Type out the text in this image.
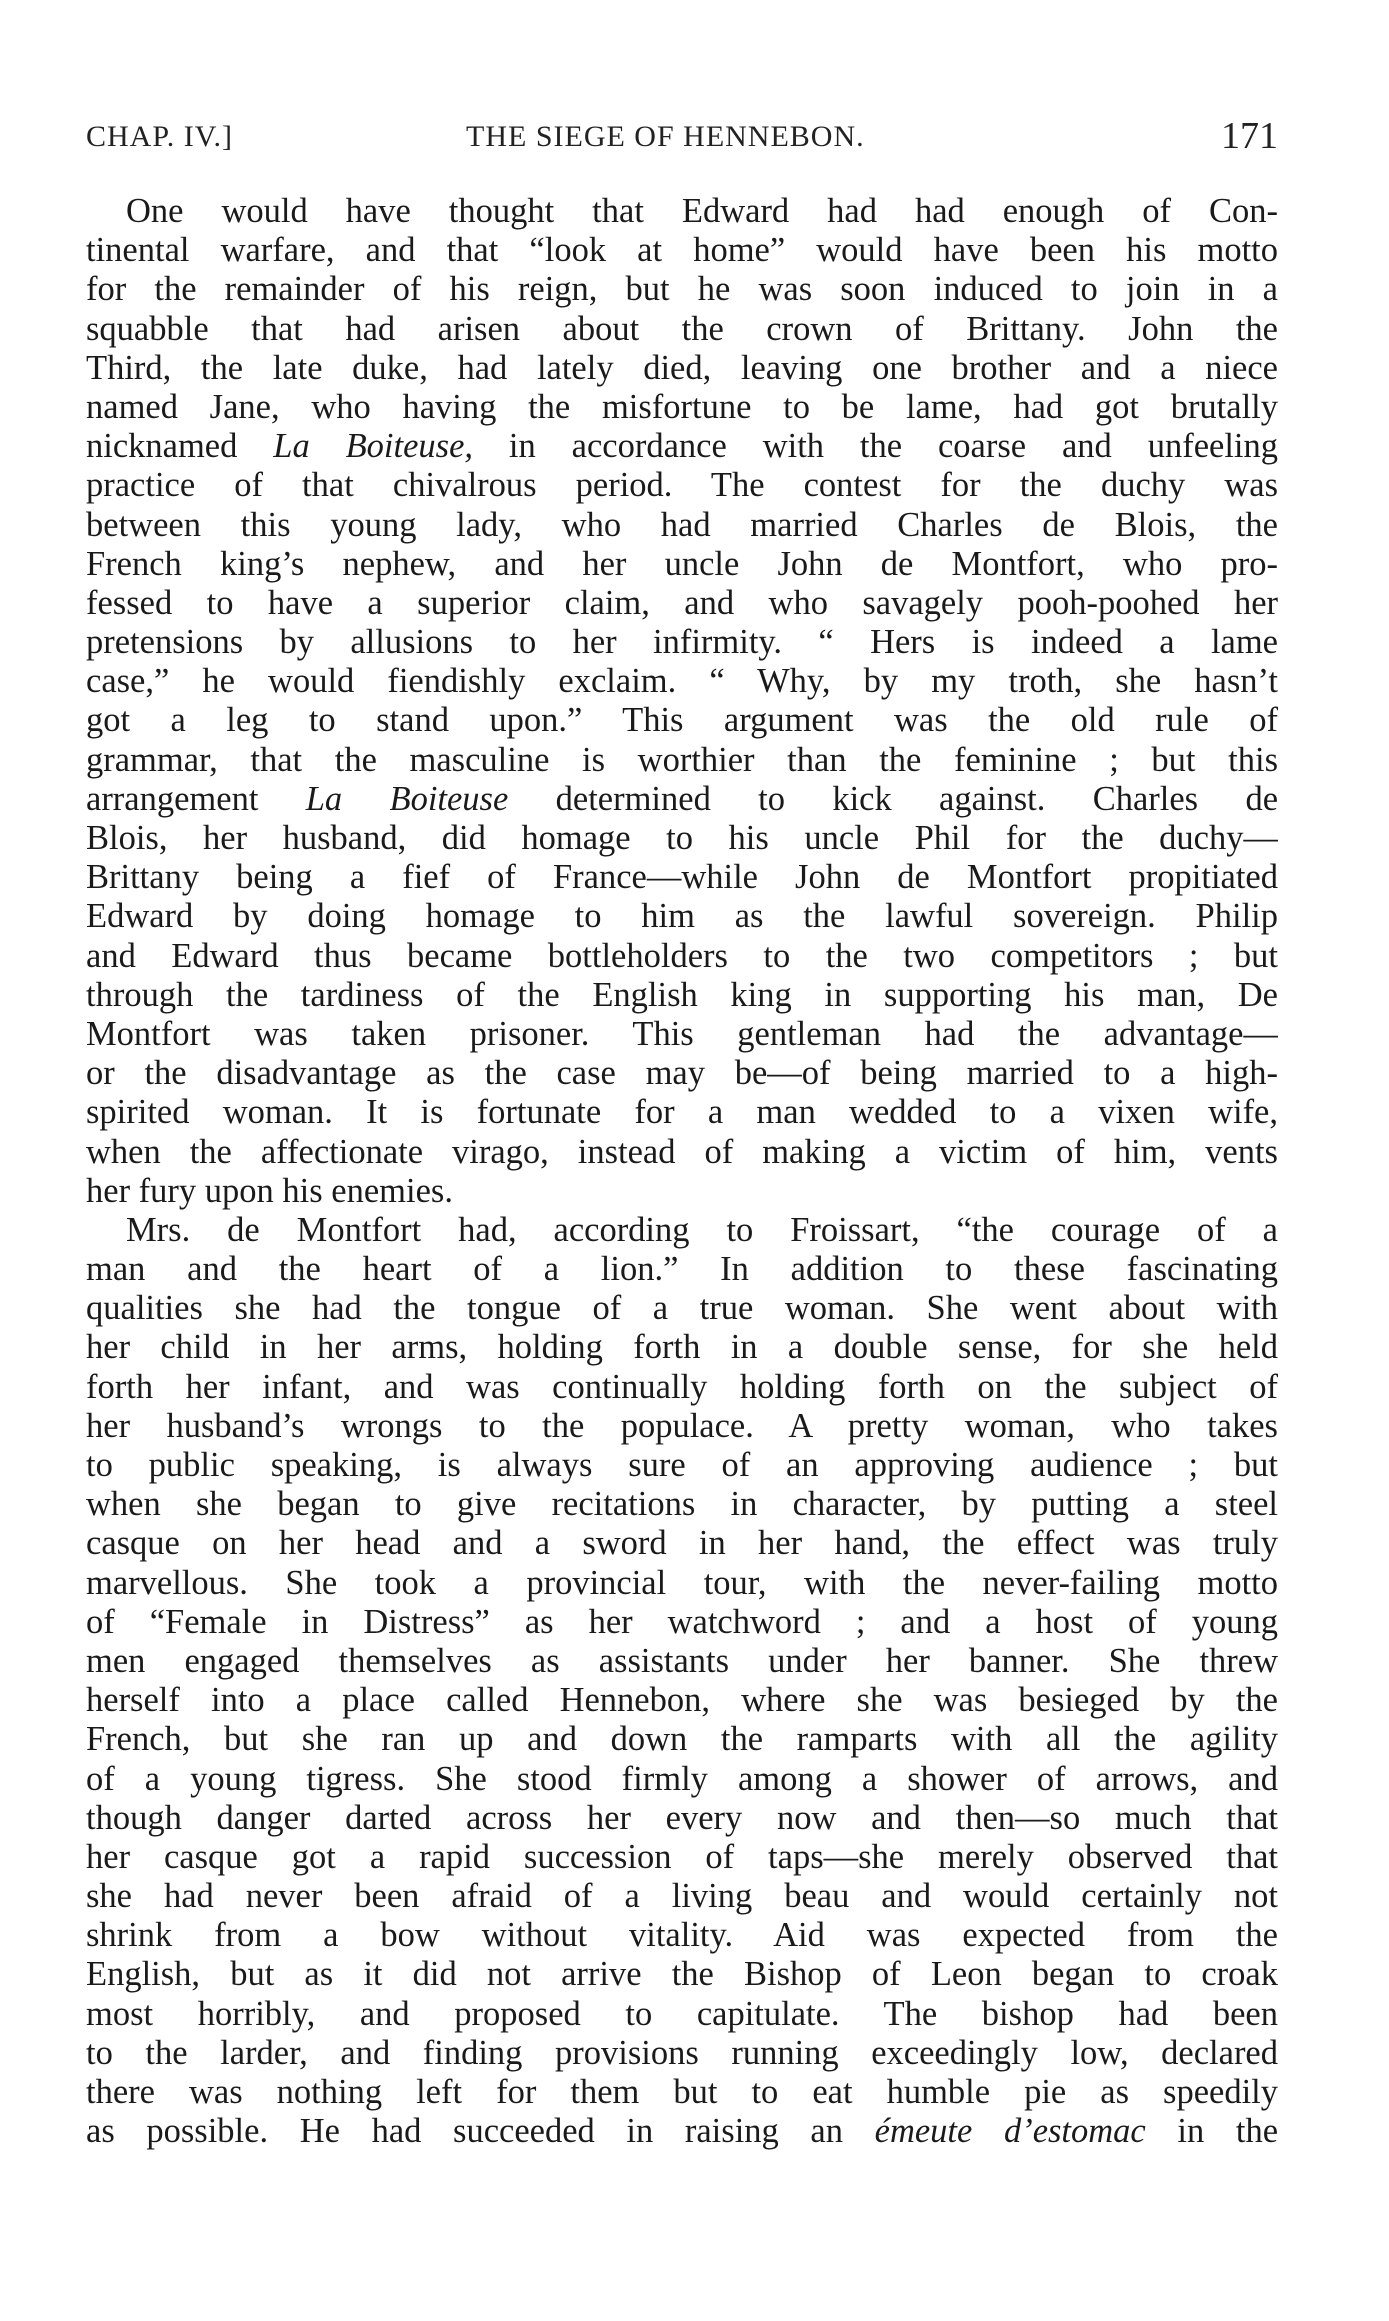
CHAP. IV.]	THE SIEGE OF HENNEBON.	171
One would have thought that Edward had had enough of Con-
tinental warfare, and that “look at home” would have been his motto
for the remainder of his reign, but he was soon induced to join in a
squabble that had arisen about the crown of Brittany. John the
Third, the late duke, had lately died, leaving one brother and a niece
named Jane, who having the misfortune to be lame, had got brutally
nicknamed La Boiteuse, in accordance with the coarse and unfeeling
practice of that chivalrous period. The contest for the duchy was
between this young lady, who had married Charles de Blois, the
French king’s nephew, and her uncle John de Montfort, who pro-
fessed to have a superior claim, and who savagely pooh-poohed her
pretensions by allusions to her infirmity. “ Hers is indeed a lame
case,” he would fiendishly exclaim. “ Why, by my troth, she hasn’t
got a leg to stand upon.” This argument was the old rule of
grammar, that the masculine is worthier than the feminine ; but this
arrangement La Boiteuse determined to kick against. Charles de
Blois, her husband, did homage to his uncle Phil for the duchy—
Brittany being a fief of France—while John de Montfort propitiated
Edward by doing homage to him as the lawful sovereign. Philip
and Edward thus became bottleholders to the two competitors ; but
through the tardiness of the English king in supporting his man, De
Montfort was taken prisoner. This gentleman had the advantage—
or the disadvantage as the case may be—of being married to a high-
spirited woman. It is fortunate for a man wedded to a vixen wife,
when the affectionate virago, instead of making a victim of him, vents
her fury upon his enemies.
Mrs. de Montfort had, according to Froissart, “the courage of a
man and the heart of a lion.” In addition to these fascinating
qualities she had the tongue of a true woman. She went about with
her child in her arms, holding forth in a double sense, for she held
forth her infant, and was continually holding forth on the subject of
her husband’s wrongs to the populace. A pretty woman, who takes
to public speaking, is always sure of an approving audience ; but
when she began to give recitations in character, by putting a steel
casque on her head and a sword in her hand, the effect was truly
marvellous. She took a provincial tour, with the never-failing motto
of “Female in Distress” as her watchword ; and a host of young
men engaged themselves as assistants under her banner. She threw
herself into a place called Hennebon, where she was besieged by the
French, but she ran up and down the ramparts with all the agility
of a young tigress. She stood firmly among a shower of arrows, and
though danger darted across her every now and then—so much that
her casque got a rapid succession of taps—she merely observed that
she had never been afraid of a living beau and would certainly not
shrink from a bow without vitality. Aid was expected from the
English, but as it did not arrive the Bishop of Leon began to croak
most horribly, and proposed to capitulate. The bishop had been
to the larder, and finding provisions running exceedingly low, declared
there was nothing left for them but to eat humble pie as speedily
as possible. He had succeeded in raising an émeute d’estomac in the
